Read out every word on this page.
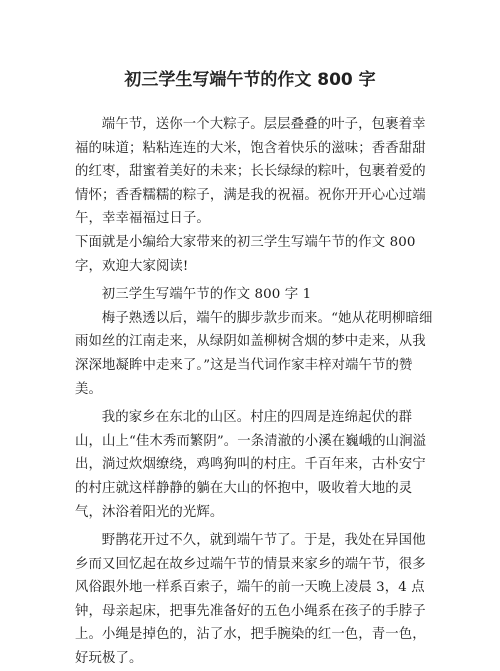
初三学生写端午节的作文 800 字

端午节，送你一个大粽子。层层叠叠的叶子，包裹着幸福的味道；粘粘连连的大米，饱含着快乐的滋味；香香甜甜的红枣，甜蜜着美好的未来；长长绿绿的粽叶，包裹着爱的情怀；香香糯糯的粽子，满是我的祝福。祝你开开心心过端午，幸幸福福过日子。

下面就是小编给大家带来的初三学生写端午节的作文 800 字，欢迎大家阅读!

初三学生写端午节的作文 800 字 1

梅子熟透以后，端午的脚步款步而来。“她从花明柳暗细雨如丝的江南走来，从绿阴如盖柳树含烟的梦中走来，从我深深地凝眸中走来了。”这是当代词作家丰梓对端午节的赞美。

我的家乡在东北的山区。村庄的四周是连绵起伏的群山，山上“佳木秀而繁阴”。一条清澈的小溪在巍峨的山涧溢出，淌过炊烟缭绕，鸡鸣狗叫的村庄。千百年来，古朴安宁的村庄就这样静静的躺在大山的怀抱中，吸收着大地的灵气，沐浴着阳光的光辉。

野鹊花开过不久，就到端午节了。于是，我处在异国他乡而又回忆起在故乡过端午节的情景来家乡的端午节，很多风俗跟外地一样系百索子，端午的前一天晚上凌晨 3，4 点钟，母亲起床，把事先准备好的五色小绳系在孩子的手脖子上。小绳是掉色的，沾了水，把手腕染的红一色，青一色，好玩极了。
